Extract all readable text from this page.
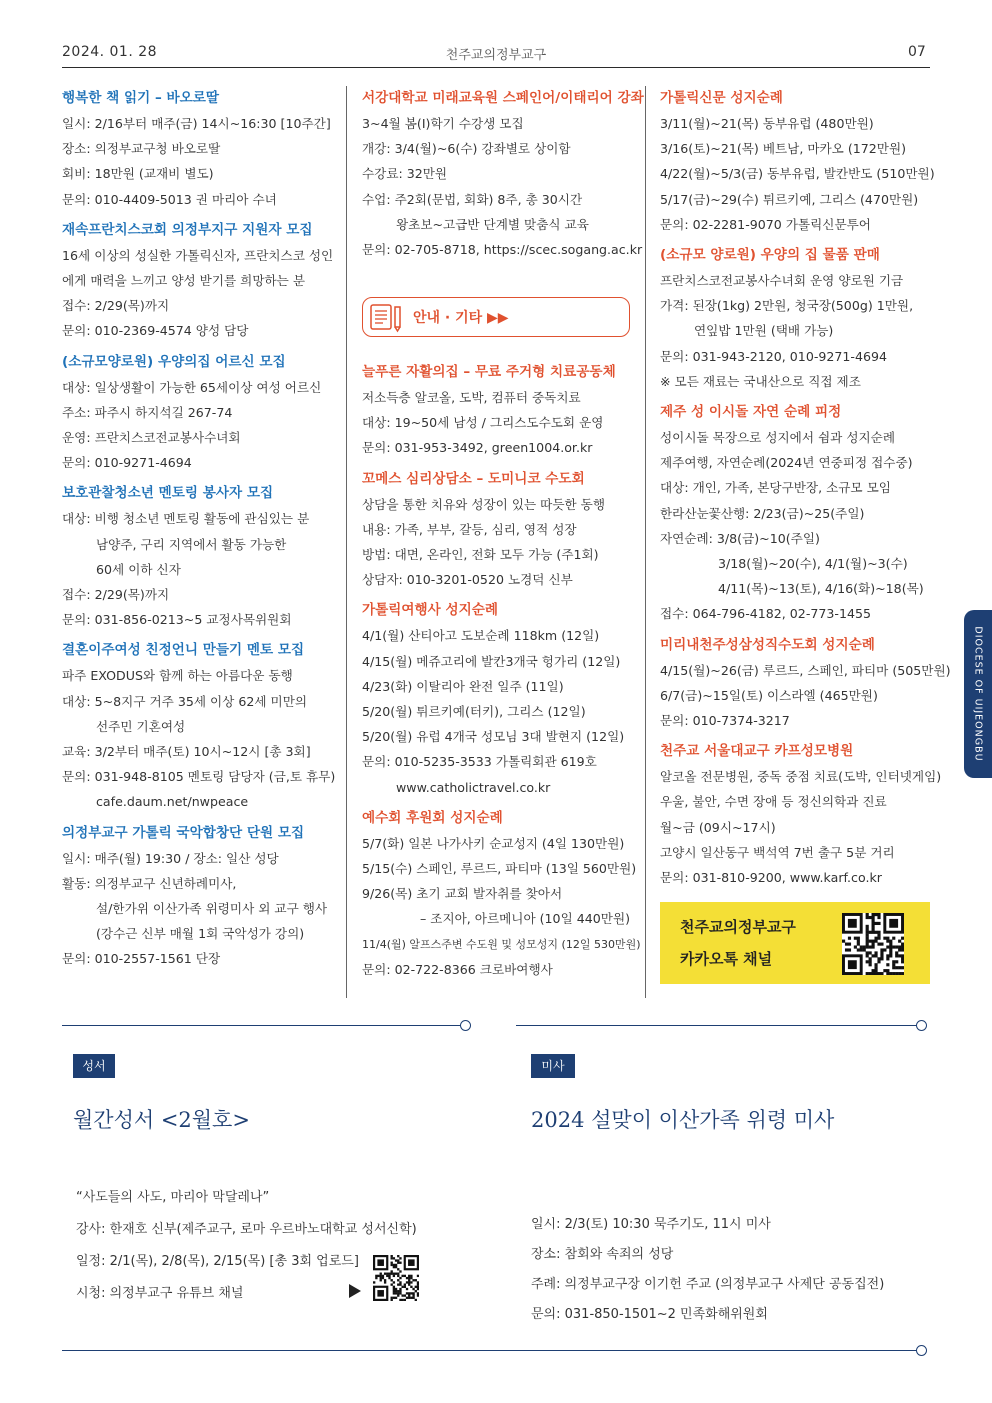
2024. 01. 28	천주교의정부교구	07
행복한 책 읽기 – 바오로딸
일시: 2/16부터 매주(금) 14시~16:30 [10주간]
장소: 의정부교구청 바오로딸
회비: 18만원 (교재비 별도)
문의: 010-4409-5013 권 마리아 수녀
재속프란치스코회 의정부지구 지원자 모집
16세 이상의 성실한 가톨릭신자, 프란치스코 성인
에게 매력을 느끼고 양성 받기를 희망하는 분
접수: 2/29(목)까지
문의: 010-2369-4574 양성 담당
(소규모양로원) 우양의집 어르신 모집
대상: 일상생활이 가능한 65세이상 여성 어르신
주소: 파주시 하지석길 267-74
운영: 프란치스코전교봉사수녀회
문의: 010-9271-4694
보호관찰청소년 멘토링 봉사자 모집
대상: 비행 청소년 멘토링 활동에 관심있는 분
남양주, 구리 지역에서 활동 가능한
60세 이하 신자
접수: 2/29(목)까지
문의: 031-856-0213~5 교정사목위원회
결혼이주여성 친정언니 만들기 멘토 모집
파주 EXODUS와 함께 하는 아름다운 동행
대상: 5~8지구 거주 35세 이상 62세 미만의
선주민 기혼여성
교육: 3/2부터 매주(토) 10시~12시 [총 3회]
문의: 031-948-8105 멘토링 담당자 (금,토 휴무)
cafe.daum.net/nwpeace
의정부교구 가톨릭 국악합창단 단원 모집
일시: 매주(월) 19:30 / 장소: 일산 성당
활동: 의정부교구 신년하례미사,
설/한가위 이산가족 위령미사 외 교구 행사
(강수근 신부 매월 1회 국악성가 강의)
문의: 010-2557-1561 단장
서강대학교 미래교육원 스페인어/이태리어 강좌
3~4월 봄(I)학기 수강생 모집
개강: 3/4(월)~6(수) 강좌별로 상이함
수강료: 32만원
수업: 주2회(문법, 회화) 8주, 총 30시간
왕초보~고급반 단계별 맞춤식 교육
문의: 02-705-8718, https://scec.sogang.ac.kr
안내 · 기타 ▶▶
늘푸른 자활의집 – 무료 주거형 치료공동체
저소득층 알코올, 도박, 컴퓨터 중독치료
대상: 19~50세 남성 / 그리스도수도회 운영
문의: 031-953-3492, green1004.or.kr
꼬메스 심리상담소 – 도미니코 수도회
상담을 통한 치유와 성장이 있는 따듯한 동행
내용: 가족, 부부, 갈등, 심리, 영적 성장
방법: 대면, 온라인, 전화 모두 가능 (주1회)
상담자: 010-3201-0520 노경덕 신부
가톨릭여행사 성지순례
4/1(월) 산티아고 도보순례 118km (12일)
4/15(월) 메쥬고리에 발칸3개국 헝가리 (12일)
4/23(화) 이탈리아 완전 일주 (11일)
5/20(월) 튀르키예(터키), 그리스 (12일)
5/20(월) 유럽 4개국 성모님 3대 발현지 (12일)
문의: 010-5235-3533 가톨릭회관 619호
www.catholictravel.co.kr
예수회 후원회 성지순례
5/7(화) 일본 나가사키 순교성지 (4일 130만원)
5/15(수) 스페인, 루르드, 파티마 (13일 560만원)
9/26(목) 초기 교회 발자취를 찾아서
– 조지아, 아르메니아 (10일 440만원)
11/4(월) 알프스주변 수도원 및 성모성지 (12일 530만원)
문의: 02-722-8366 크로바여행사
가톨릭신문 성지순례
3/11(월)~21(목) 동부유럽 (480만원)
3/16(토)~21(목) 베트남, 마카오 (172만원)
4/22(월)~5/3(금) 동부유럽, 발칸반도 (510만원)
5/17(금)~29(수) 튀르키예, 그리스 (470만원)
문의: 02-2281-9070 가톨릭신문투어
(소규모 양로원) 우양의 집 물품 판매
프란치스코전교봉사수녀회 운영 양로원 기금
가격: 된장(1kg) 2만원, 청국장(500g) 1만원,
연잎밥 1만원 (택배 가능)
문의: 031-943-2120, 010-9271-4694
※ 모든 재료는 국내산으로 직접 제조
제주 성 이시돌 자연 순례 피정
성이시돌 목장으로 성지에서 쉼과 성지순례
제주여행, 자연순례(2024년 연중피정 접수중)
대상: 개인, 가족, 본당구반장, 소규모 모임
한라산눈꽃산행: 2/23(금)~25(주일)
자연순례: 3/8(금)~10(주일)
3/18(월)~20(수), 4/1(월)~3(수)
4/11(목)~13(토), 4/16(화)~18(목)
접수: 064-796-4182, 02-773-1455
미리내천주성삼성직수도회 성지순례
4/15(월)~26(금) 루르드, 스페인, 파티마 (505만원)
6/7(금)~15일(토) 이스라엘 (465만원)
문의: 010-7374-3217
천주교 서울대교구 카프성모병원
알코올 전문병원, 중독 중점 치료(도박, 인터넷게임)
우울, 불안, 수면 장애 등 정신의학과 진료
월~금 (09시~17시)
고양시 일산동구 백석역 7번 출구 5분 거리
문의: 031-810-9200, www.karf.co.kr
천주교의정부교구
카카오톡 채널
DIOCESE OF UIJEONGBU
성서
월간성서 <2월호>
“사도들의 사도, 마리아 막달레나”
강사: 한재호 신부(제주교구, 로마 우르바노대학교 성서신학)
일정: 2/1(목), 2/8(목), 2/15(목) [총 3회 업로드]
시청: 의정부교구 유튜브 채널
미사
2024 설맞이 이산가족 위령 미사
일시: 2/3(토) 10:30 묵주기도, 11시 미사
장소: 참회와 속죄의 성당
주례: 의정부교구장 이기헌 주교 (의정부교구 사제단 공동집전)
문의: 031-850-1501~2 민족화해위원회
